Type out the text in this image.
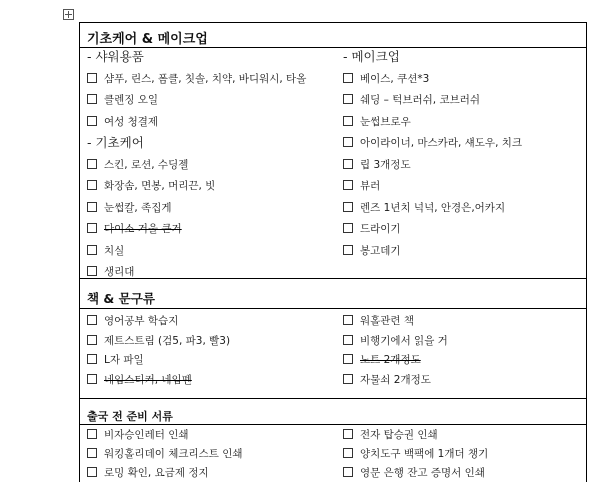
기초케어 & 메이크업
- 샤워용품
샴푸, 린스, 폼클, 칫솔, 치약, 바디워시, 타올
클렌징 오일
여성 청결제
- 기초케어
스킨, 로션, 수딩젤
화장솜, 면봉, 머리끈, 빗
눈썹칼, 족집게
다이소 거울 큰거
치실
생리대
- 메이크업
베이스, 쿠션*3
쉐딩 – 턱브러쉬, 코브러쉬
눈썹브로우
아이라이너, 마스카라, 섀도우, 치크
립 3개정도
뷰러
렌즈 1년치 넉넉, 안경은,어카지
드라이기
봉고데기
책 & 문구류
영어공부 학습지
제트스트림 (검5, 파3, 빨3)
L자 파일
네임스티커, 네임펜
워홀관련 책
비행기에서 읽을 거
노트 2개정도
자물쇠 2개정도
출국 전 준비 서류
비자승인레터 인쇄
워킹홀리데이 체크리스트 인쇄
로밍 확인, 요금제 정지
전자 탑승권 인쇄
양치도구 백팩에 1개더 챙기
영문 은행 잔고 증명서 인쇄
